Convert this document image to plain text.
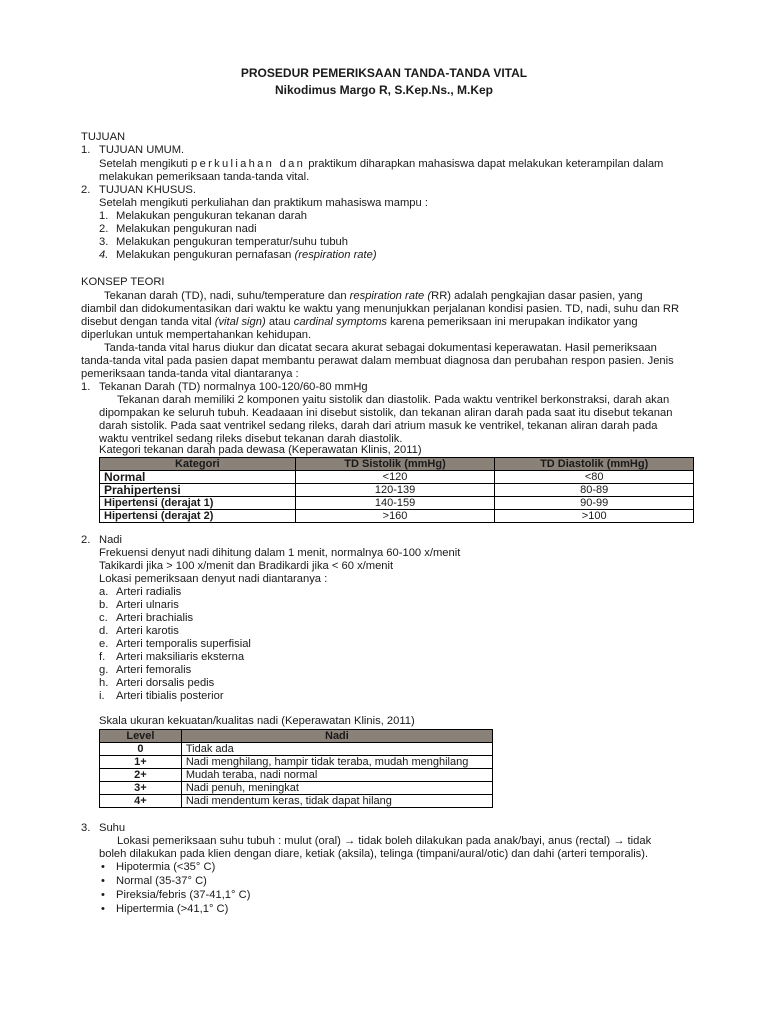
PROSEDUR PEMERIKSAAN TANDA-TANDA VITAL
Nikodimus Margo R, S.Kep.Ns., M.Kep
TUJUAN
1. TUJUAN UMUM.
Setelah mengikuti perkuliahan dan praktikum diharapkan mahasiswa dapat melakukan keterampilan dalam
melakukan pemeriksaan tanda-tanda vital.
2. TUJUAN KHUSUS.
Setelah mengikuti perkuliahan dan praktikum mahasiswa mampu :
1. Melakukan pengukuran tekanan darah
2. Melakukan pengukuran nadi
3. Melakukan pengukuran temperatur/suhu tubuh
4. Melakukan pengukuran pernafasan (respiration rate)
KONSEP TEORI
Tekanan darah (TD), nadi, suhu/temperature dan respiration rate (RR) adalah pengkajian dasar pasien, yang
diambil dan didokumentasikan dari waktu ke waktu yang menunjukkan perjalanan kondisi pasien. TD, nadi, suhu dan RR
disebut dengan tanda vital (vital sign) atau cardinal symptoms karena pemeriksaan ini merupakan indikator yang
diperlukan untuk mempertahankan kehidupan.
Tanda-tanda vital harus diukur dan dicatat secara akurat sebagai dokumentasi keperawatan. Hasil pemeriksaan
tanda-tanda vital pada pasien dapat membantu perawat dalam membuat diagnosa dan perubahan respon pasien. Jenis
pemeriksaan tanda-tanda vital diantaranya :
1. Tekanan Darah (TD) normalnya 100-120/60-80 mmHg
Tekanan darah memiliki 2 komponen yaitu sistolik dan diastolik. Pada waktu ventrikel berkonstraksi, darah akan
dipompakan ke seluruh tubuh. Keadaaan ini disebut sistolik, dan tekanan aliran darah pada saat itu disebut tekanan
darah sistolik. Pada saat ventrikel sedang rileks, darah dari atrium masuk ke ventrikel, tekanan aliran darah pada
waktu ventrikel sedang rileks disebut tekanan darah diastolik.
Kategori tekanan darah pada dewasa (Keperawatan Klinis, 2011)
Kategori	TD Sistolik (mmHg)	TD Diastolik (mmHg)
Normal	<120	<80
Prahipertensi	120-139	80-89
Hipertensi (derajat 1)	140-159	90-99
Hipertensi (derajat 2)	>160	>100
2. Nadi
Frekuensi denyut nadi dihitung dalam 1 menit, normalnya 60-100 x/menit
Takikardi jika > 100 x/menit dan Bradikardi jika < 60 x/menit
Lokasi pemeriksaan denyut nadi diantaranya :
a. Arteri radialis
b. Arteri ulnaris
c. Arteri brachialis
d. Arteri karotis
e. Arteri temporalis superfisial
f. Arteri maksiliaris eksterna
g. Arteri femoralis
h. Arteri dorsalis pedis
i. Arteri tibialis posterior
Skala ukuran kekuatan/kualitas nadi (Keperawatan Klinis, 2011)
Level	Nadi
0	Tidak ada
1+	Nadi menghilang, hampir tidak teraba, mudah menghilang
2+	Mudah teraba, nadi normal
3+	Nadi penuh, meningkat
4+	Nadi mendentum keras, tidak dapat hilang
3. Suhu
Lokasi pemeriksaan suhu tubuh : mulut (oral) → tidak boleh dilakukan pada anak/bayi, anus (rectal) → tidak
boleh dilakukan pada klien dengan diare, ketiak (aksila), telinga (timpani/aural/otic) dan dahi (arteri temporalis).
• Hipotermia (<35° C)
• Normal (35-37° C)
• Pireksia/febris (37-41,1° C)
• Hipertermia (>41,1° C)
